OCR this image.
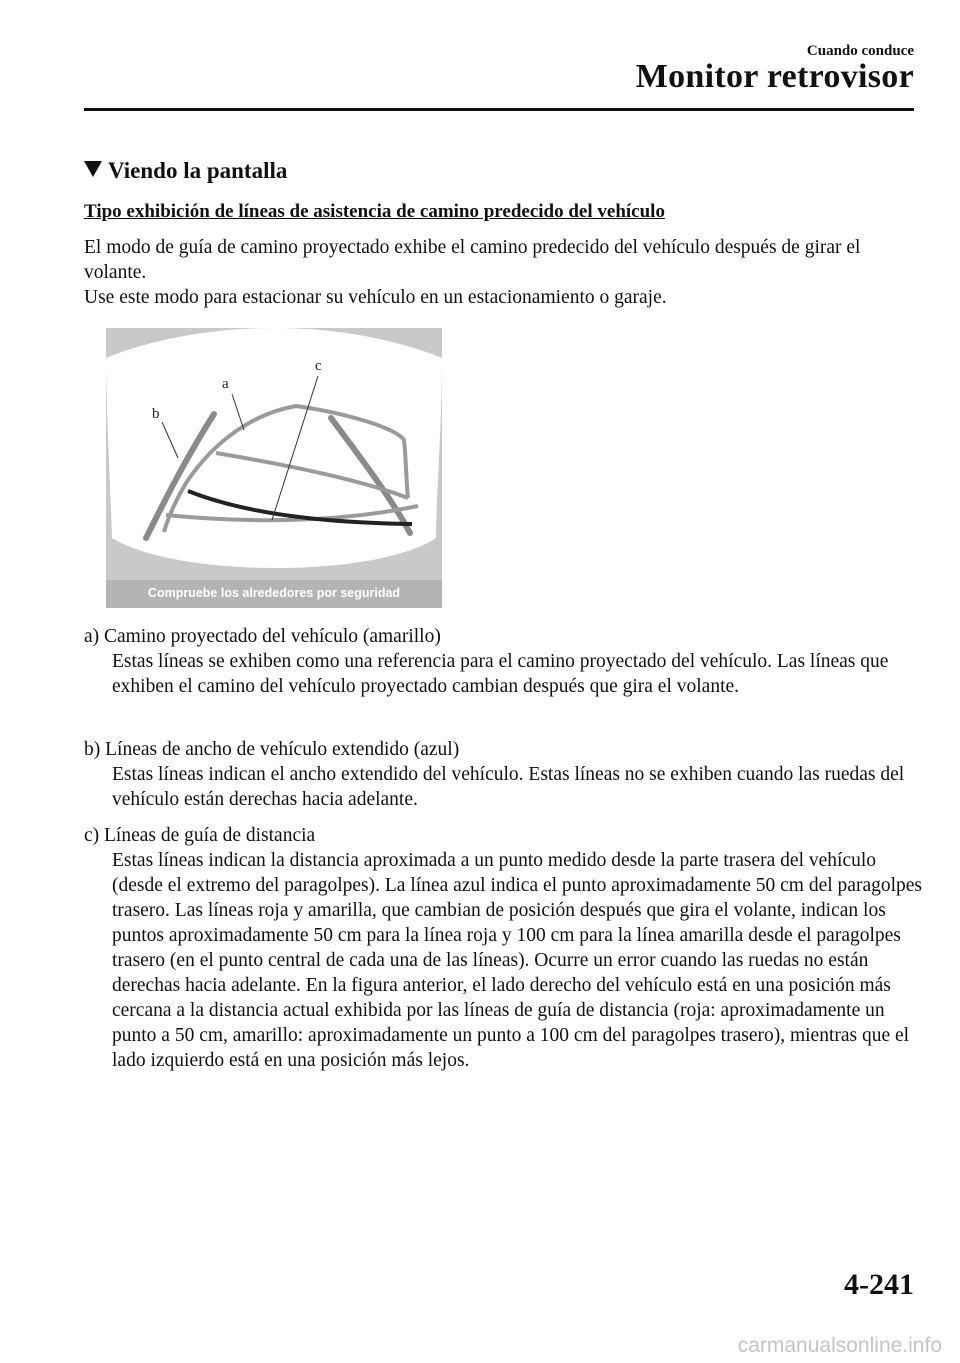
Cuando conduce
Monitor retrovisor
Viendo la pantalla
Tipo exhibición de líneas de asistencia de camino predecido del vehículo
El modo de guía de camino proyectado exhibe el camino predecido del vehículo después de girar el volante.
Use este modo para estacionar su vehículo en un estacionamiento o garaje.
b
a
c
Compruebe los alrededores por seguridad
a) Camino proyectado del vehículo (amarillo)
Estas líneas se exhiben como una referencia para el camino proyectado del vehículo. Las líneas que exhiben el camino del vehículo proyectado cambian después que gira el volante.
b) Líneas de ancho de vehículo extendido (azul)
Estas líneas indican el ancho extendido del vehículo. Estas líneas no se exhiben cuando las ruedas del vehículo están derechas hacia adelante.
c) Líneas de guía de distancia
Estas líneas indican la distancia aproximada a un punto medido desde la parte trasera del vehículo (desde el extremo del paragolpes). La línea azul indica el punto aproximadamente 50 cm del paragolpes trasero. Las líneas roja y amarilla, que cambian de posición después que gira el volante, indican los puntos aproximadamente 50 cm para la línea roja y 100 cm para la línea amarilla desde el paragolpes trasero (en el punto central de cada una de las líneas). Ocurre un error cuando las ruedas no están derechas hacia adelante. En la figura anterior, el lado derecho del vehículo está en una posición más cercana a la distancia actual exhibida por las líneas de guía de distancia (roja: aproximadamente un punto a 50 cm, amarillo: aproximadamente un punto a 100 cm del paragolpes trasero), mientras que el lado izquierdo está en una posición más lejos.
4-241
carmanualsonline.info
